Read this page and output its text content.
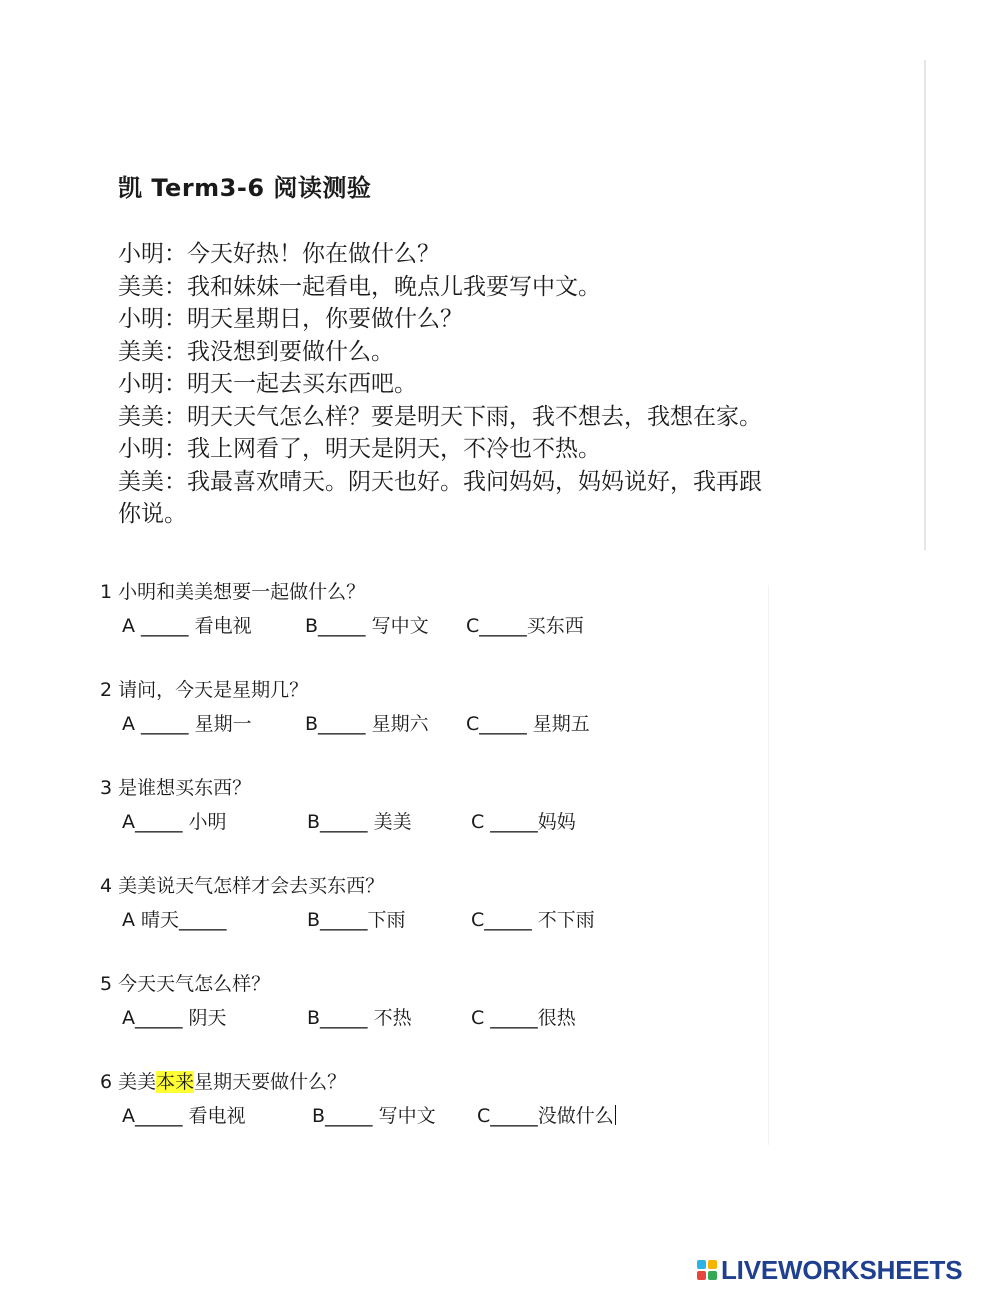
凯 Term3-6 阅读测验
小明：今天好热！你在做什么？
美美：我和妹妹一起看电，晚点儿我要写中文。
小明：明天星期日，你要做什么？
美美：我没想到要做什么。
小明：明天一起去买东西吧。
美美：明天天气怎么样？要是明天下雨，我不想去，我想在家。
小明：我上网看了，明天是阴天，不冷也不热。
美美：我最喜欢晴天。阴天也好。我问妈妈，妈妈说好，我再跟
你说。
1 小明和美美想要一起做什么？
A _____ 看电视	B_____ 写中文 C_____买东西
2 请问，今天是星期几？
A _____ 星期一	B_____ 星期六 C_____ 星期五
3 是谁想买东西？
A_____ 小明	B_____ 美美	C _____妈妈
4 美美说天气怎样才会去买东西？
A 晴天_____	B_____下雨	C_____ 不下雨
5 今天天气怎么样？
A_____ 阴天	B_____ 不热	C _____很热
6 美美本来星期天要做什么？
A_____ 看电视	B_____ 写中文 C_____没做什么
LIVEWORKSHEETS
